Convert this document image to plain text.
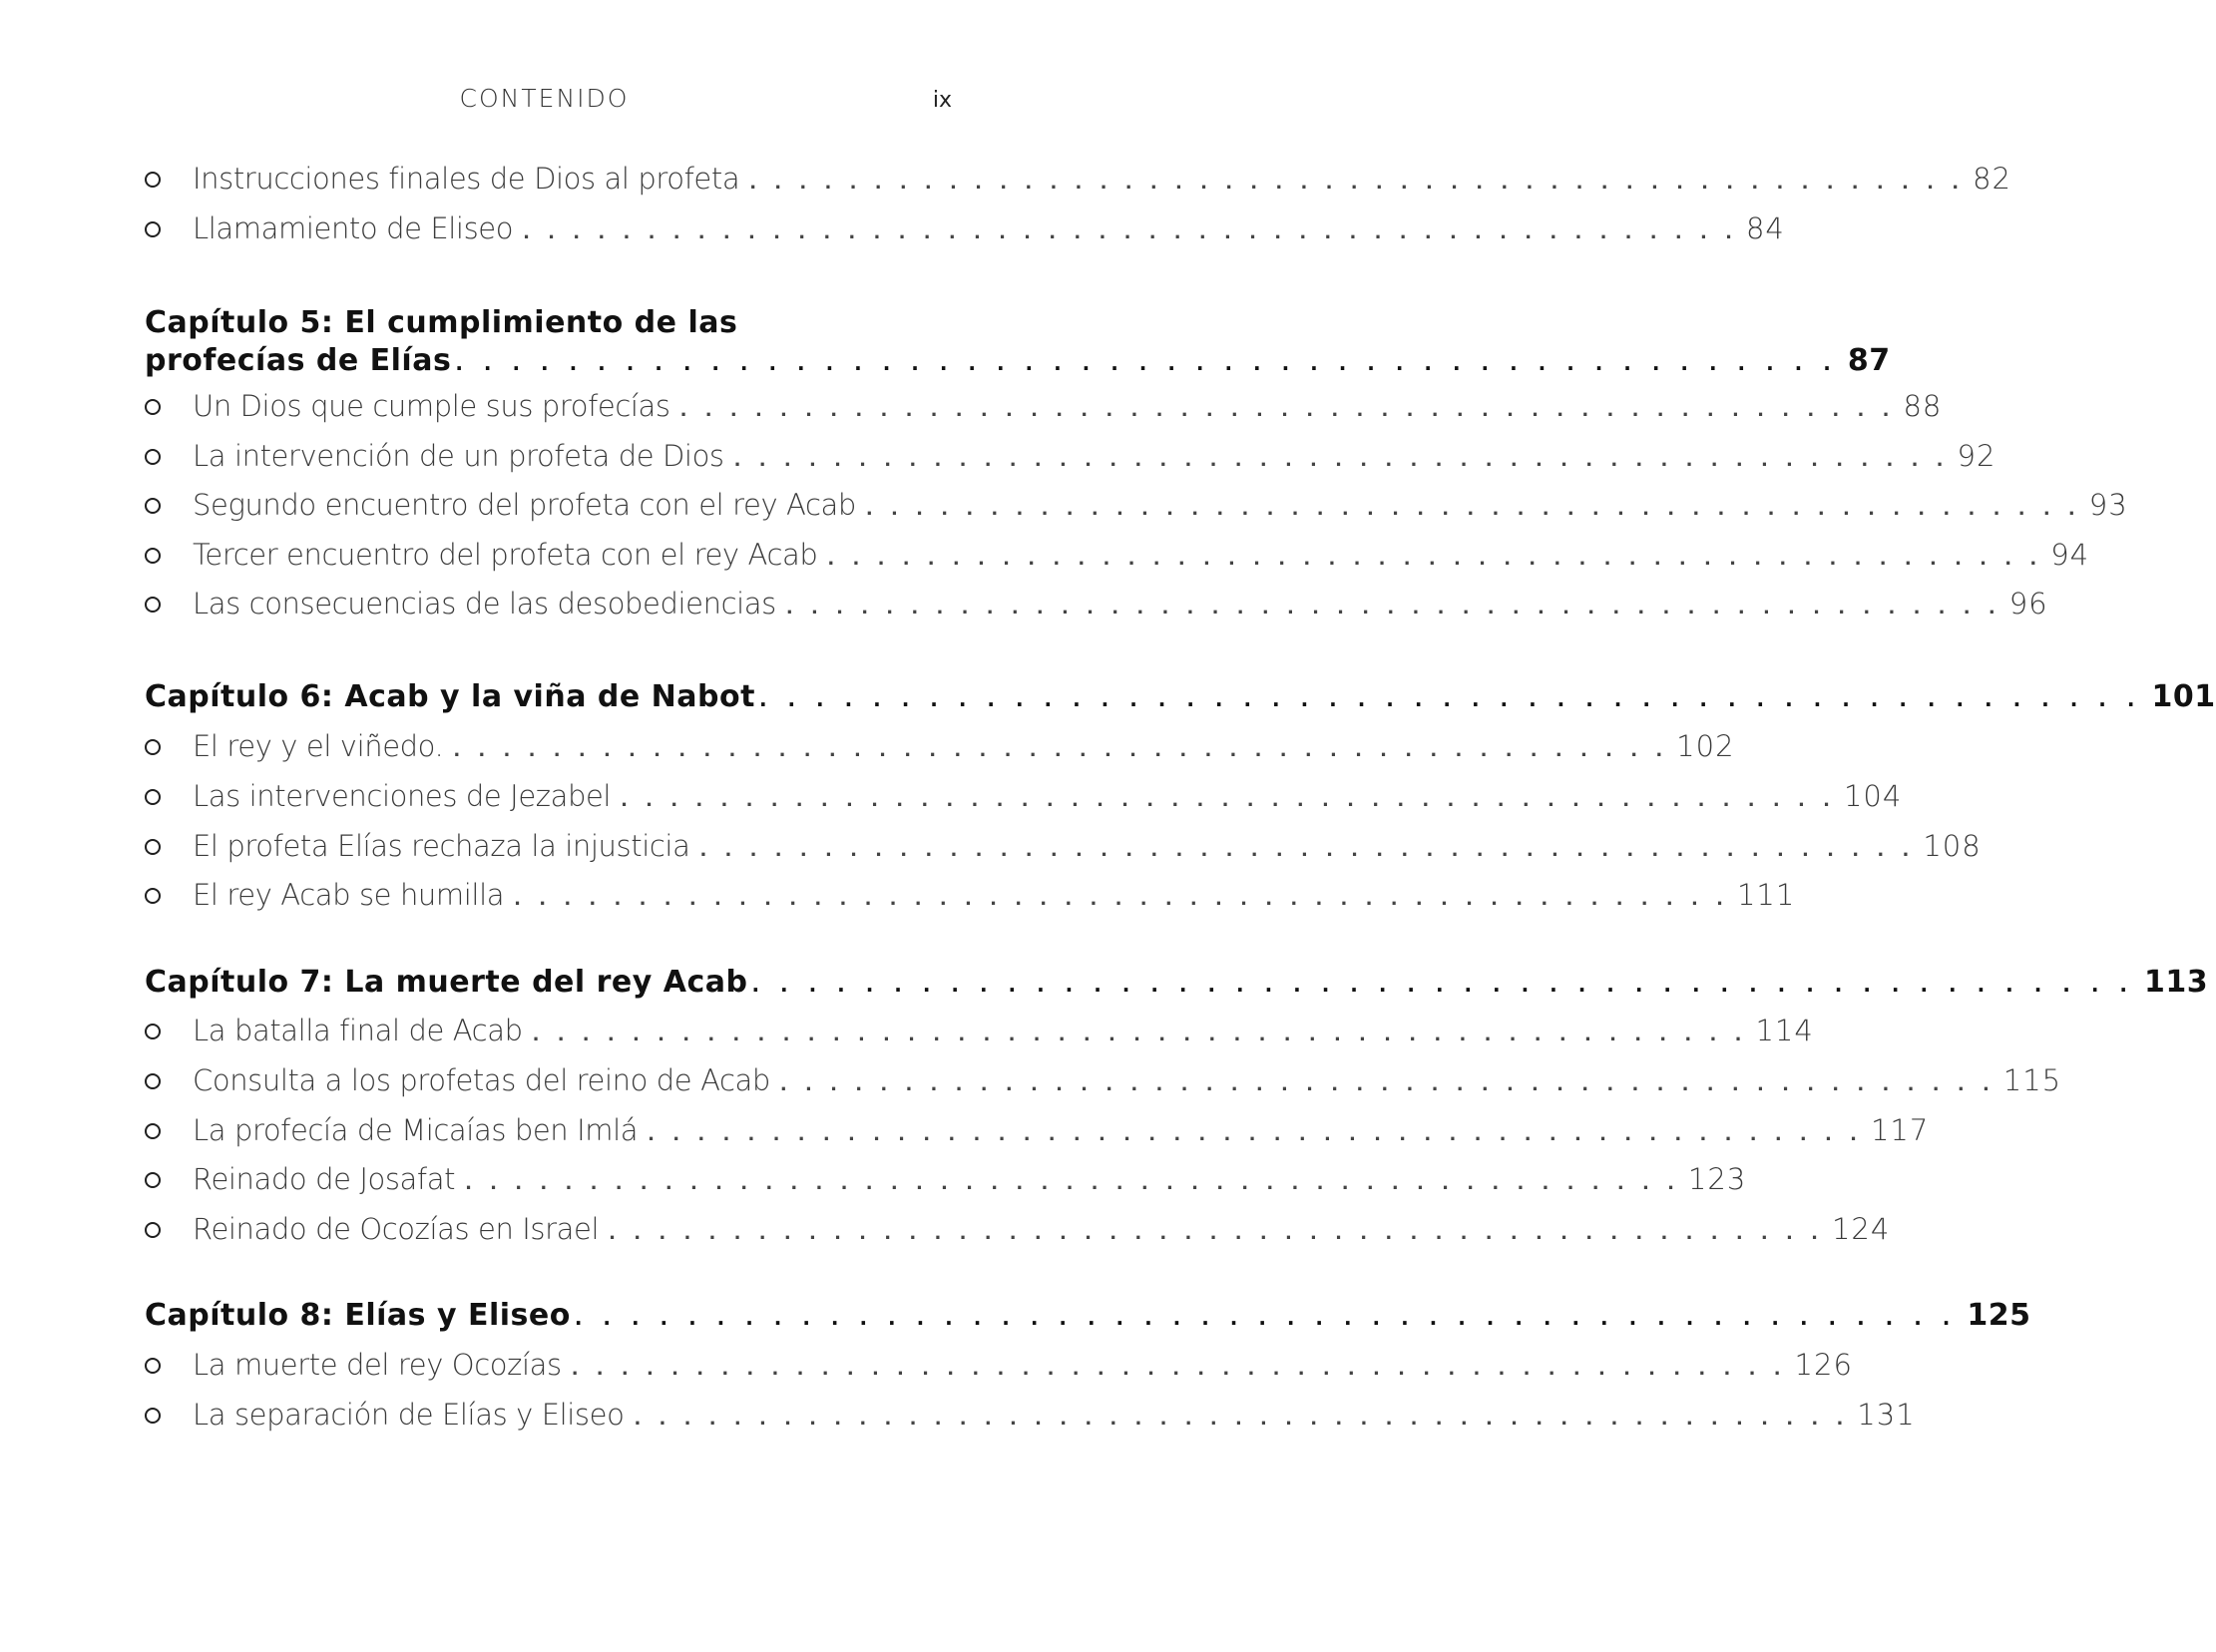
CONTENIDO	ix
Instrucciones finales de Dios al profeta . . . . . . . . . . . . . . . . . . . . . . . . . . . . . . . . . . . . . . . . . . . . . . . . . 82
Llamamiento de Eliseo . . . . . . . . . . . . . . . . . . . . . . . . . . . . . . . . . . . . . . . . . . . . . . . . . 84
Capítulo 5: El cumplimiento de las
profecías de Elías . . . . . . . . . . . . . . . . . . . . . . . . . . . . . . . . . . . . . . . . . . . . . . . . . 87
Un Dios que cumple sus profecías . . . . . . . . . . . . . . . . . . . . . . . . . . . . . . . . . . . . . . . . . . . . . . . . . 88
La intervención de un profeta de Dios . . . . . . . . . . . . . . . . . . . . . . . . . . . . . . . . . . . . . . . . . . . . . . . . . 92
Segundo encuentro del profeta con el rey Acab . . . . . . . . . . . . . . . . . . . . . . . . . . . . . . . . . . . . . . . . . . . . . . . . . 93
Tercer encuentro del profeta con el rey Acab . . . . . . . . . . . . . . . . . . . . . . . . . . . . . . . . . . . . . . . . . . . . . . . . . 94
Las consecuencias de las desobediencias . . . . . . . . . . . . . . . . . . . . . . . . . . . . . . . . . . . . . . . . . . . . . . . . . 96
Capítulo 6: Acab y la viña de Nabot . . . . . . . . . . . . . . . . . . . . . . . . . . . . . . . . . . . . . . . . . . . . . . . . . 101
El rey y el viñedo. . . . . . . . . . . . . . . . . . . . . . . . . . . . . . . . . . . . . . . . . . . . . . . . . . 102
Las intervenciones de Jezabel . . . . . . . . . . . . . . . . . . . . . . . . . . . . . . . . . . . . . . . . . . . . . . . . . 104
El profeta Elías rechaza la injusticia . . . . . . . . . . . . . . . . . . . . . . . . . . . . . . . . . . . . . . . . . . . . . . . . . 108
El rey Acab se humilla . . . . . . . . . . . . . . . . . . . . . . . . . . . . . . . . . . . . . . . . . . . . . . . . . 111
Capítulo 7: La muerte del rey Acab . . . . . . . . . . . . . . . . . . . . . . . . . . . . . . . . . . . . . . . . . . . . . . . . . 113
La batalla final de Acab . . . . . . . . . . . . . . . . . . . . . . . . . . . . . . . . . . . . . . . . . . . . . . . . . 114
Consulta a los profetas del reino de Acab . . . . . . . . . . . . . . . . . . . . . . . . . . . . . . . . . . . . . . . . . . . . . . . . . 115
La profecía de Micaías ben Imlá . . . . . . . . . . . . . . . . . . . . . . . . . . . . . . . . . . . . . . . . . . . . . . . . . 117
Reinado de Josafat . . . . . . . . . . . . . . . . . . . . . . . . . . . . . . . . . . . . . . . . . . . . . . . . . 123
Reinado de Ocozías en Israel . . . . . . . . . . . . . . . . . . . . . . . . . . . . . . . . . . . . . . . . . . . . . . . . . 124
Capítulo 8: Elías y Eliseo . . . . . . . . . . . . . . . . . . . . . . . . . . . . . . . . . . . . . . . . . . . . . . . . . 125
La muerte del rey Ocozías . . . . . . . . . . . . . . . . . . . . . . . . . . . . . . . . . . . . . . . . . . . . . . . . . 126
La separación de Elías y Eliseo . . . . . . . . . . . . . . . . . . . . . . . . . . . . . . . . . . . . . . . . . . . . . . . . . 131
